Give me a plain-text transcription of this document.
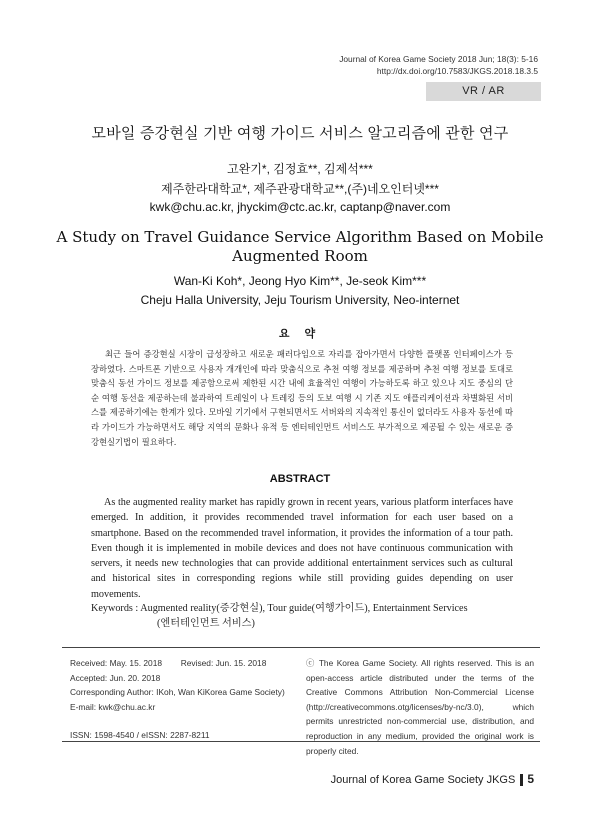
Journal of Korea Game Society 2018 Jun; 18(3): 5-16
http://dx.doi.org/10.7583/JKGS.2018.18.3.5
VR / AR
모바일 증강현실 기반 여행 가이드 서비스 알고리즘에 관한 연구
고완기*, 김정효**, 김제석***
제주한라대학교*, 제주관광대학교**,(주)네오인터넷***
kwk@chu.ac.kr, jhyckim@ctc.ac.kr, captanp@naver.com
A Study on Travel Guidance Service Algorithm Based on Mobile
Augmented Room
Wan-Ki Koh*, Jeong Hyo Kim**, Je-seok Kim***
Cheju Halla University, Jeju Tourism University, Neo-internet
요 약
최근 들어 증강현실 시장이 급성장하고 새로운 패러다임으로 자리를 잡아가면서 다양한 플랫폼 인터페이스가 등장하였다. 스마트폰 기반으로 사용자 개개인에 따라 맞춤식으로 추천 여행 정보를 제공하며 추천 여행 정보를 토대로 맞춤식 동선 가이드 정보를 제공함으로써 제한된 시간 내에 효율적인 여행이 가능하도록 하고 있으나 지도 중심의 단순 여행 동선을 제공하는데 불과하여 트레일이 나 트레킹 등의 도보 여행 시 기존 지도 애플리케이션과 차별화된 서비스를 제공하기에는 한계가 있다. 모바일 기기에서 구현되면서도 서버와의 지속적인 통신이 없더라도 사용자 동선에 따라 가이드가 가능하면서도 해당 지역의 문화나 유적 등 엔터테인먼트 서비스도 부가적으로 제공될 수 있는 새로운 증강현실기법이 필요하다.
ABSTRACT
As the augmented reality market has rapidly grown in recent years, various platform interfaces have emerged. In addition, it provides recommended travel information for each user based on a smartphone. Based on the recommended travel information, it provides the information of a tour path. Even though it is implemented in mobile devices and does not have continuous communication with servers, it needs new technologies that can provide additional entertainment services such as cultural and historical sites in corresponding regions while still providing guides depending on user movements.
Keywords : Augmented reality(증강현실), Tour guide(여행가이드), Entertainment Services
(엔터테인먼트 서비스)
Received: May. 15. 2018 Revised: Jun. 15. 2018
Accepted: Jun. 20. 2018
Corresponding Author: IKoh, Wan KiKorea Game Society)
E-mail: kwk@chu.ac.kr
ISSN: 1598-4540 / eISSN: 2287-8211
ⓒ The Korea Game Society. All rights reserved. This is an open-access article distributed under the terms of the Creative Commons Attribution Non-Commercial License (http://creativecommons.otg/licenses/by-nc/3.0), which permits unrestricted non-commercial use, distribution, and reproduction in any medium, provided the original work is properly cited.
Journal of Korea Game Society JKGS 5
